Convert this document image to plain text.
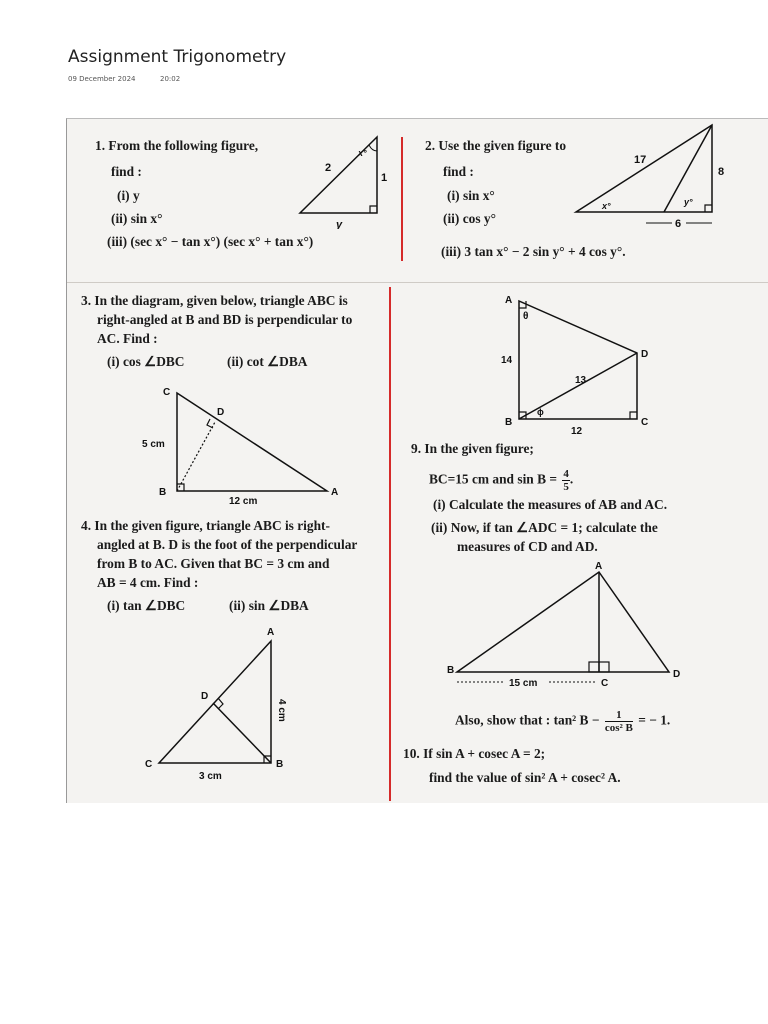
Assignment Trigonometry
09 December 2024	20:02
1. From the following figure,
find :
(i) y
(ii) sin x°
(iii) (sec x° − tan x°) (sec x° + tan x°)
2
1
y
x°	2. Use the given figure to
find :
(i) sin x°
(ii) cos y°
(iii) 3 tan x° − 2 sin y° + 4 cos y°.
17
8
x°	y°
6
3. In the diagram, given below, triangle ABC is
right-angled at B and BD is perpendicular to
AC. Find :
(i) cos ∠DBC	(ii) cot ∠DBA
C
D
B	A
5 cm
12 cm
4. In the given figure, triangle ABC is right-
angled at B. D is the foot of the perpendicular
from B to AC. Given that BC = 3 cm and
AB = 4 cm. Find :
(i) tan ∠DBC	(ii) sin ∠DBA
A
D
C	B
4 cm
3 cm
A
B	C
D
θ
ϕ
14
13
12
9. In the given figure;
BC=15 cm and $\sin B = \frac{4}{5}$ .
(i) Calculate the measures of AB and AC.
(ii) Now, if tan ∠ADC = 1; calculate the
measures of CD and AD.
A
B
C
D
15 cm
Also, show that : tan² $B - \frac{1}{\text{cos² B}}$ = − 1.
10. If sin A + cosec A = 2;
find the value of sin² A + cosec² A.
